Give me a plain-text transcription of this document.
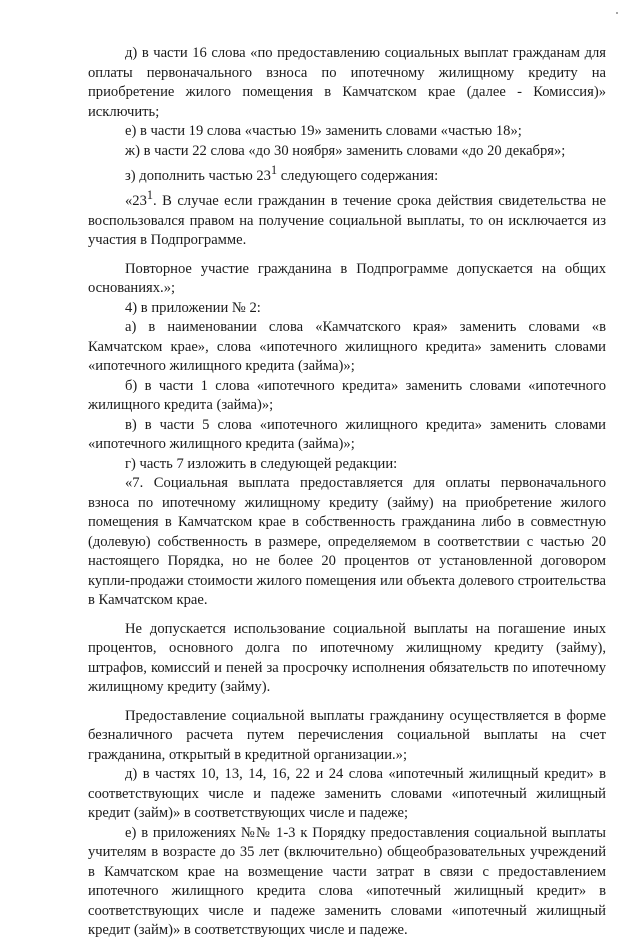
д) в части 16 слова «по предоставлению социальных выплат гражданам для оплаты первоначального взноса по ипотечному жилищному кредиту на приобретение жилого помещения в Камчатском крае (далее - Комиссия)» исключить;

е) в части 19 слова «частью 19» заменить словами «частью 18»;

ж) в части 22 слова «до 30 ноября» заменить словами «до 20 декабря»;

з) дополнить частью $23^1$ следующего содержания:

«$23^1$. В случае если гражданин в течение срока действия свидетельства не воспользовался правом на получение социальной выплаты, то он исключается из участия в Подпрограмме.

Повторное участие гражданина в Подпрограмме допускается на общих основаниях.»;

4) в приложении № 2:

а) в наименовании слова «Камчатского края» заменить словами «в Камчатском крае», слова «ипотечного жилищного кредита» заменить словами «ипотечного жилищного кредита (займа)»;

б) в части 1 слова «ипотечного кредита» заменить словами «ипотечного жилищного кредита (займа)»;

в) в части 5 слова «ипотечного жилищного кредита» заменить словами «ипотечного жилищного кредита (займа)»;

г) часть 7 изложить в следующей редакции:

«7. Социальная выплата предоставляется для оплаты первоначального взноса по ипотечному жилищному кредиту (займу) на приобретение жилого помещения в Камчатском крае в собственность гражданина либо в совместную (долевую) собственность в размере, определяемом в соответствии с частью 20 настоящего Порядка, но не более 20 процентов от установленной договором купли-продажи стоимости жилого помещения или объекта долевого строительства в Камчатском крае.

Не допускается использование социальной выплаты на погашение иных процентов, основного долга по ипотечному жилищному кредиту (займу), штрафов, комиссий и пеней за просрочку исполнения обязательств по ипотечному жилищному кредиту (займу).

Предоставление социальной выплаты гражданину осуществляется в форме безналичного расчета путем перечисления социальной выплаты на счет гражданина, открытый в кредитной организации.»;

д) в частях 10, 13, 14, 16, 22 и 24 слова «ипотечный жилищный кредит» в соответствующих числе и падеже заменить словами «ипотечный жилищный кредит (займ)» в соответствующих числе и падеже;

е) в приложениях №№ 1-3 к Порядку предоставления социальной выплаты учителям в возрасте до 35 лет (включительно) общеобразовательных учреждений в Камчатском крае на возмещение части затрат в связи с предоставлением ипотечного жилищного кредита слова «ипотечный жилищный кредит» в соответствующих числе и падеже заменить словами «ипотечный жилищный кредит (займ)» в соответствующих числе и падеже.
